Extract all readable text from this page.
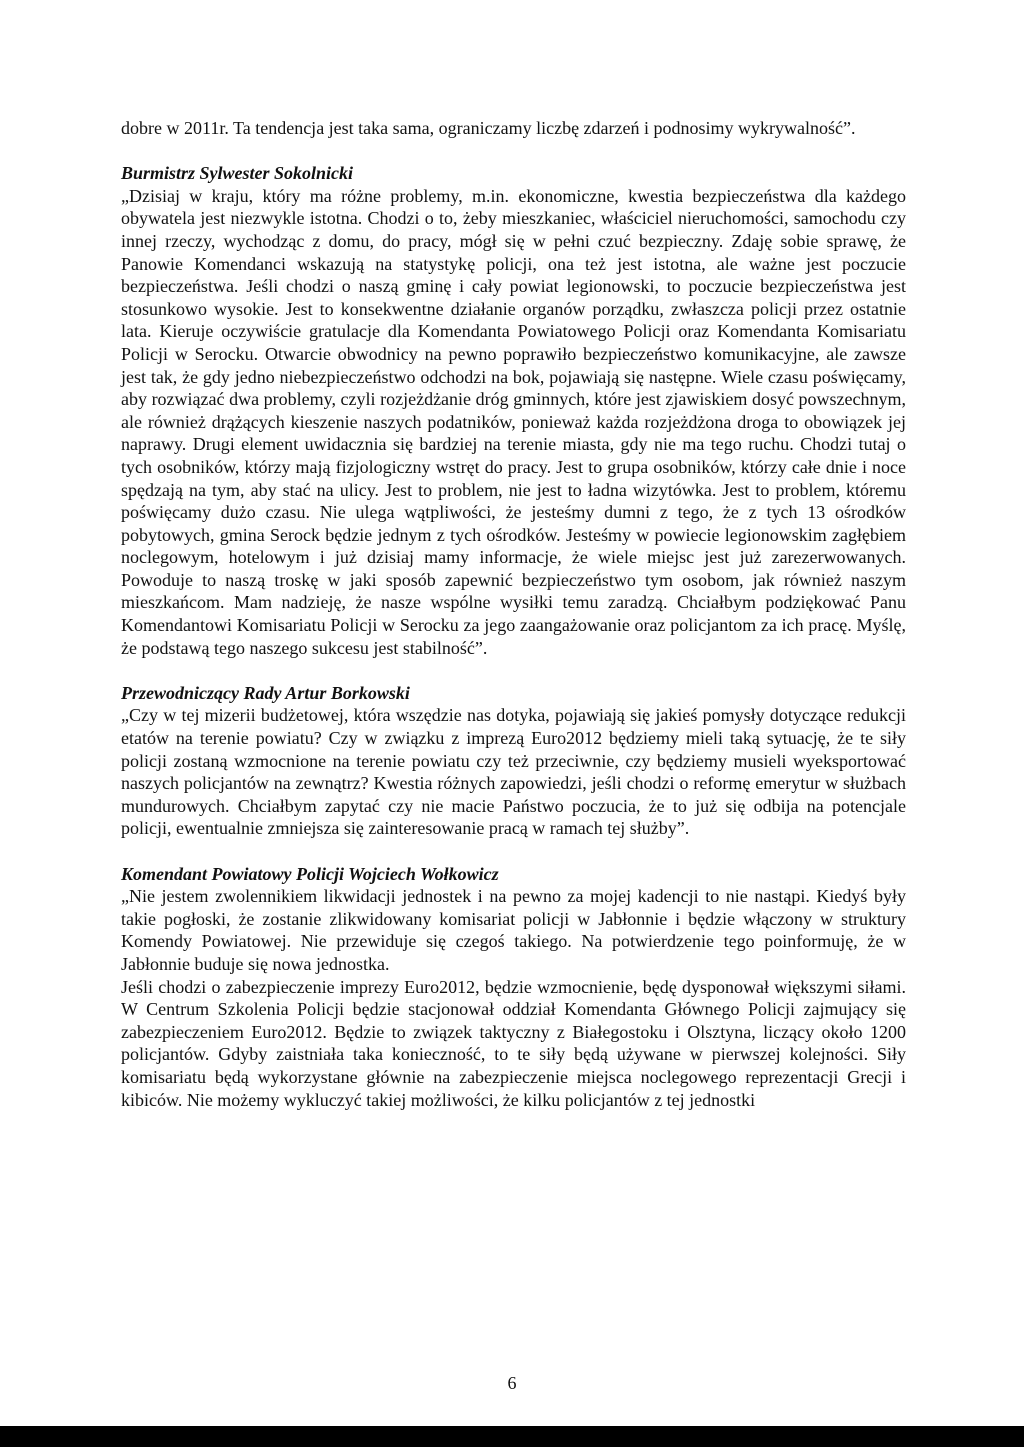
dobre w 2011r. Ta tendencja jest taka sama, ograniczamy liczbę zdarzeń i podnosimy wykrywalność”.

Burmistrz Sylwester Sokolnicki

„Dzisiaj w kraju, który ma różne problemy, m.in. ekonomiczne, kwestia bezpieczeństwa dla każdego obywatela jest niezwykle istotna. Chodzi o to, żeby mieszkaniec, właściciel nieruchomości, samochodu czy innej rzeczy, wychodząc z domu, do pracy, mógł się w pełni czuć bezpieczny. Zdaję sobie sprawę, że Panowie Komendanci wskazują na statystykę policji, ona też jest istotna, ale ważne jest poczucie bezpieczeństwa. Jeśli chodzi o naszą gminę i cały powiat legionowski, to poczucie bezpieczeństwa jest stosunkowo wysokie. Jest to konsekwentne działanie organów porządku, zwłaszcza policji przez ostatnie lata. Kieruje oczywiście gratulacje dla Komendanta Powiatowego Policji oraz Komendanta Komisariatu Policji w Serocku. Otwarcie obwodnicy na pewno poprawiło bezpieczeństwo komunikacyjne, ale zawsze jest tak, że gdy jedno niebezpieczeństwo odchodzi na bok, pojawiają się następne. Wiele czasu poświęcamy, aby rozwiązać dwa problemy, czyli rozjeżdżanie dróg gminnych, które jest zjawiskiem dosyć powszechnym, ale również drążących kieszenie naszych podatników, ponieważ każda rozjeżdżona droga to obowiązek jej naprawy. Drugi element uwidacznia się bardziej na terenie miasta, gdy nie ma tego ruchu. Chodzi tutaj o tych osobników, którzy mają fizjologiczny wstręt do pracy. Jest to grupa osobników, którzy całe dnie i noce spędzają na tym, aby stać na ulicy. Jest to problem, nie jest to ładna wizytówka. Jest to problem, któremu poświęcamy dużo czasu. Nie ulega wątpliwości, że jesteśmy dumni z tego, że z tych 13 ośrodków pobytowych, gmina Serock będzie jednym z tych ośrodków. Jesteśmy w powiecie legionowskim zagłębiem noclegowym, hotelowym i już dzisiaj mamy informacje, że wiele miejsc jest już zarezerwowanych. Powoduje to naszą troskę w jaki sposób zapewnić bezpieczeństwo tym osobom, jak również naszym mieszkańcom. Mam nadzieję, że nasze wspólne wysiłki temu zaradzą. Chciałbym podziękować Panu Komendantowi Komisariatu Policji w Serocku za jego zaangażowanie oraz policjantom za ich pracę. Myślę, że podstawą tego naszego sukcesu jest stabilność”.

Przewodniczący Rady Artur Borkowski

„Czy w tej mizerii budżetowej, która wszędzie nas dotyka, pojawiają się jakieś pomysły dotyczące redukcji etatów na terenie powiatu? Czy w związku z imprezą Euro2012 będziemy mieli taką sytuację, że te siły policji zostaną wzmocnione na terenie powiatu czy też przeciwnie, czy będziemy musieli wyeksportować naszych policjantów na zewnątrz? Kwestia różnych zapowiedzi, jeśli chodzi o reformę emerytur w służbach mundurowych. Chciałbym zapytać czy nie macie Państwo poczucia, że to już się odbija na potencjale policji, ewentualnie zmniejsza się zainteresowanie pracą w ramach tej służby”.

Komendant Powiatowy Policji Wojciech Wołkowicz

„Nie jestem zwolennikiem likwidacji jednostek i na pewno za mojej kadencji to nie nastąpi. Kiedyś były takie pogłoski, że zostanie zlikwidowany komisariat policji w Jabłonnie i będzie włączony w struktury Komendy Powiatowej. Nie przewiduje się czegoś takiego. Na potwierdzenie tego poinformuję, że w Jabłonnie buduje się nowa jednostka.

Jeśli chodzi o zabezpieczenie imprezy Euro2012, będzie wzmocnienie, będę dysponował większymi siłami. W Centrum Szkolenia Policji będzie stacjonował oddział Komendanta Głównego Policji zajmujący się zabezpieczeniem Euro2012. Będzie to związek taktyczny z Białegostoku i Olsztyna, liczący około 1200 policjantów. Gdyby zaistniała taka konieczność, to te siły będą używane w pierwszej kolejności. Siły komisariatu będą wykorzystane głównie na zabezpieczenie miejsca noclegowego reprezentacji Grecji i kibiców. Nie możemy wykluczyć takiej możliwości, że kilku policjantów z tej jednostki

6
